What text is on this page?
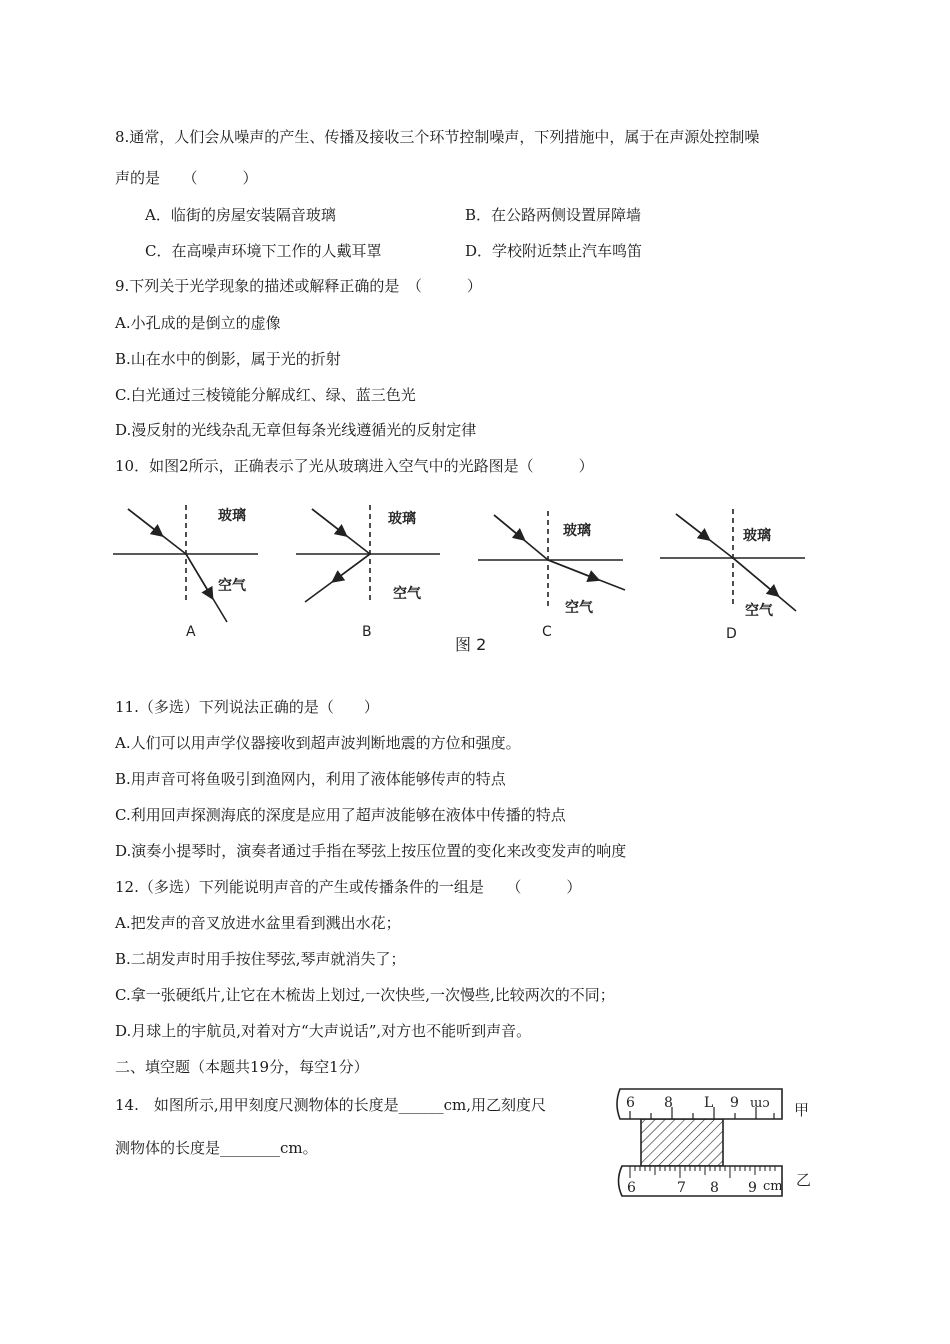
8.通常，人们会从噪声的产生、传播及接收三个环节控制噪声，下列措施中，属于在声源处控制噪
声的是　　（　　　）
A．临街的房屋安装隔音玻璃	B．在公路两侧设置屏障墙
C．在高噪声环境下工作的人戴耳罩	D．学校附近禁止汽车鸣笛
9.下列关于光学现象的描述或解释正确的是　（　　　）
A.小孔成的是倒立的虚像
B.山在水中的倒影，属于光的折射
C.白光通过三棱镜能分解成红、绿、蓝三色光
D.漫反射的光线杂乱无章但每条光线遵循光的反射定律
10．如图2所示，正确表示了光从玻璃进入空气中的光路图是（　　　）
玻璃
空气
玻璃
空气
玻璃
空气
玻璃
空气
A	B	C	D
图 2
11.（多选）下列说法正确的是（　　）
A.人们可以用声学仪器接收到超声波判断地震的方位和强度。
B.用声音可将鱼吸引到渔网内，利用了液体能够传声的特点
C.利用回声探测海底的深度是应用了超声波能够在液体中传播的特点
D.演奏小提琴时，演奏者通过手指在琴弦上按压位置的变化来改变发声的响度
12.（多选）下列能说明声音的产生或传播条件的一组是　　（　　　）
A.把发声的音叉放进水盆里看到溅出水花；
B.二胡发声时用手按住琴弦,琴声就消失了；
C.拿一张硬纸片,让它在木梳齿上划过,一次快些,一次慢些,比较两次的不同；
D.月球上的宇航员,对着对方“大声说话”,对方也不能听到声音。
二、填空题（本题共19分，每空1分）
14.　如图所示,用甲刻度尺测物体的长度是______cm,用乙刻度尺
测物体的长度是________cm。
6 8 L 9 ɯɔ
6	7 8 9 cm
甲
乙
